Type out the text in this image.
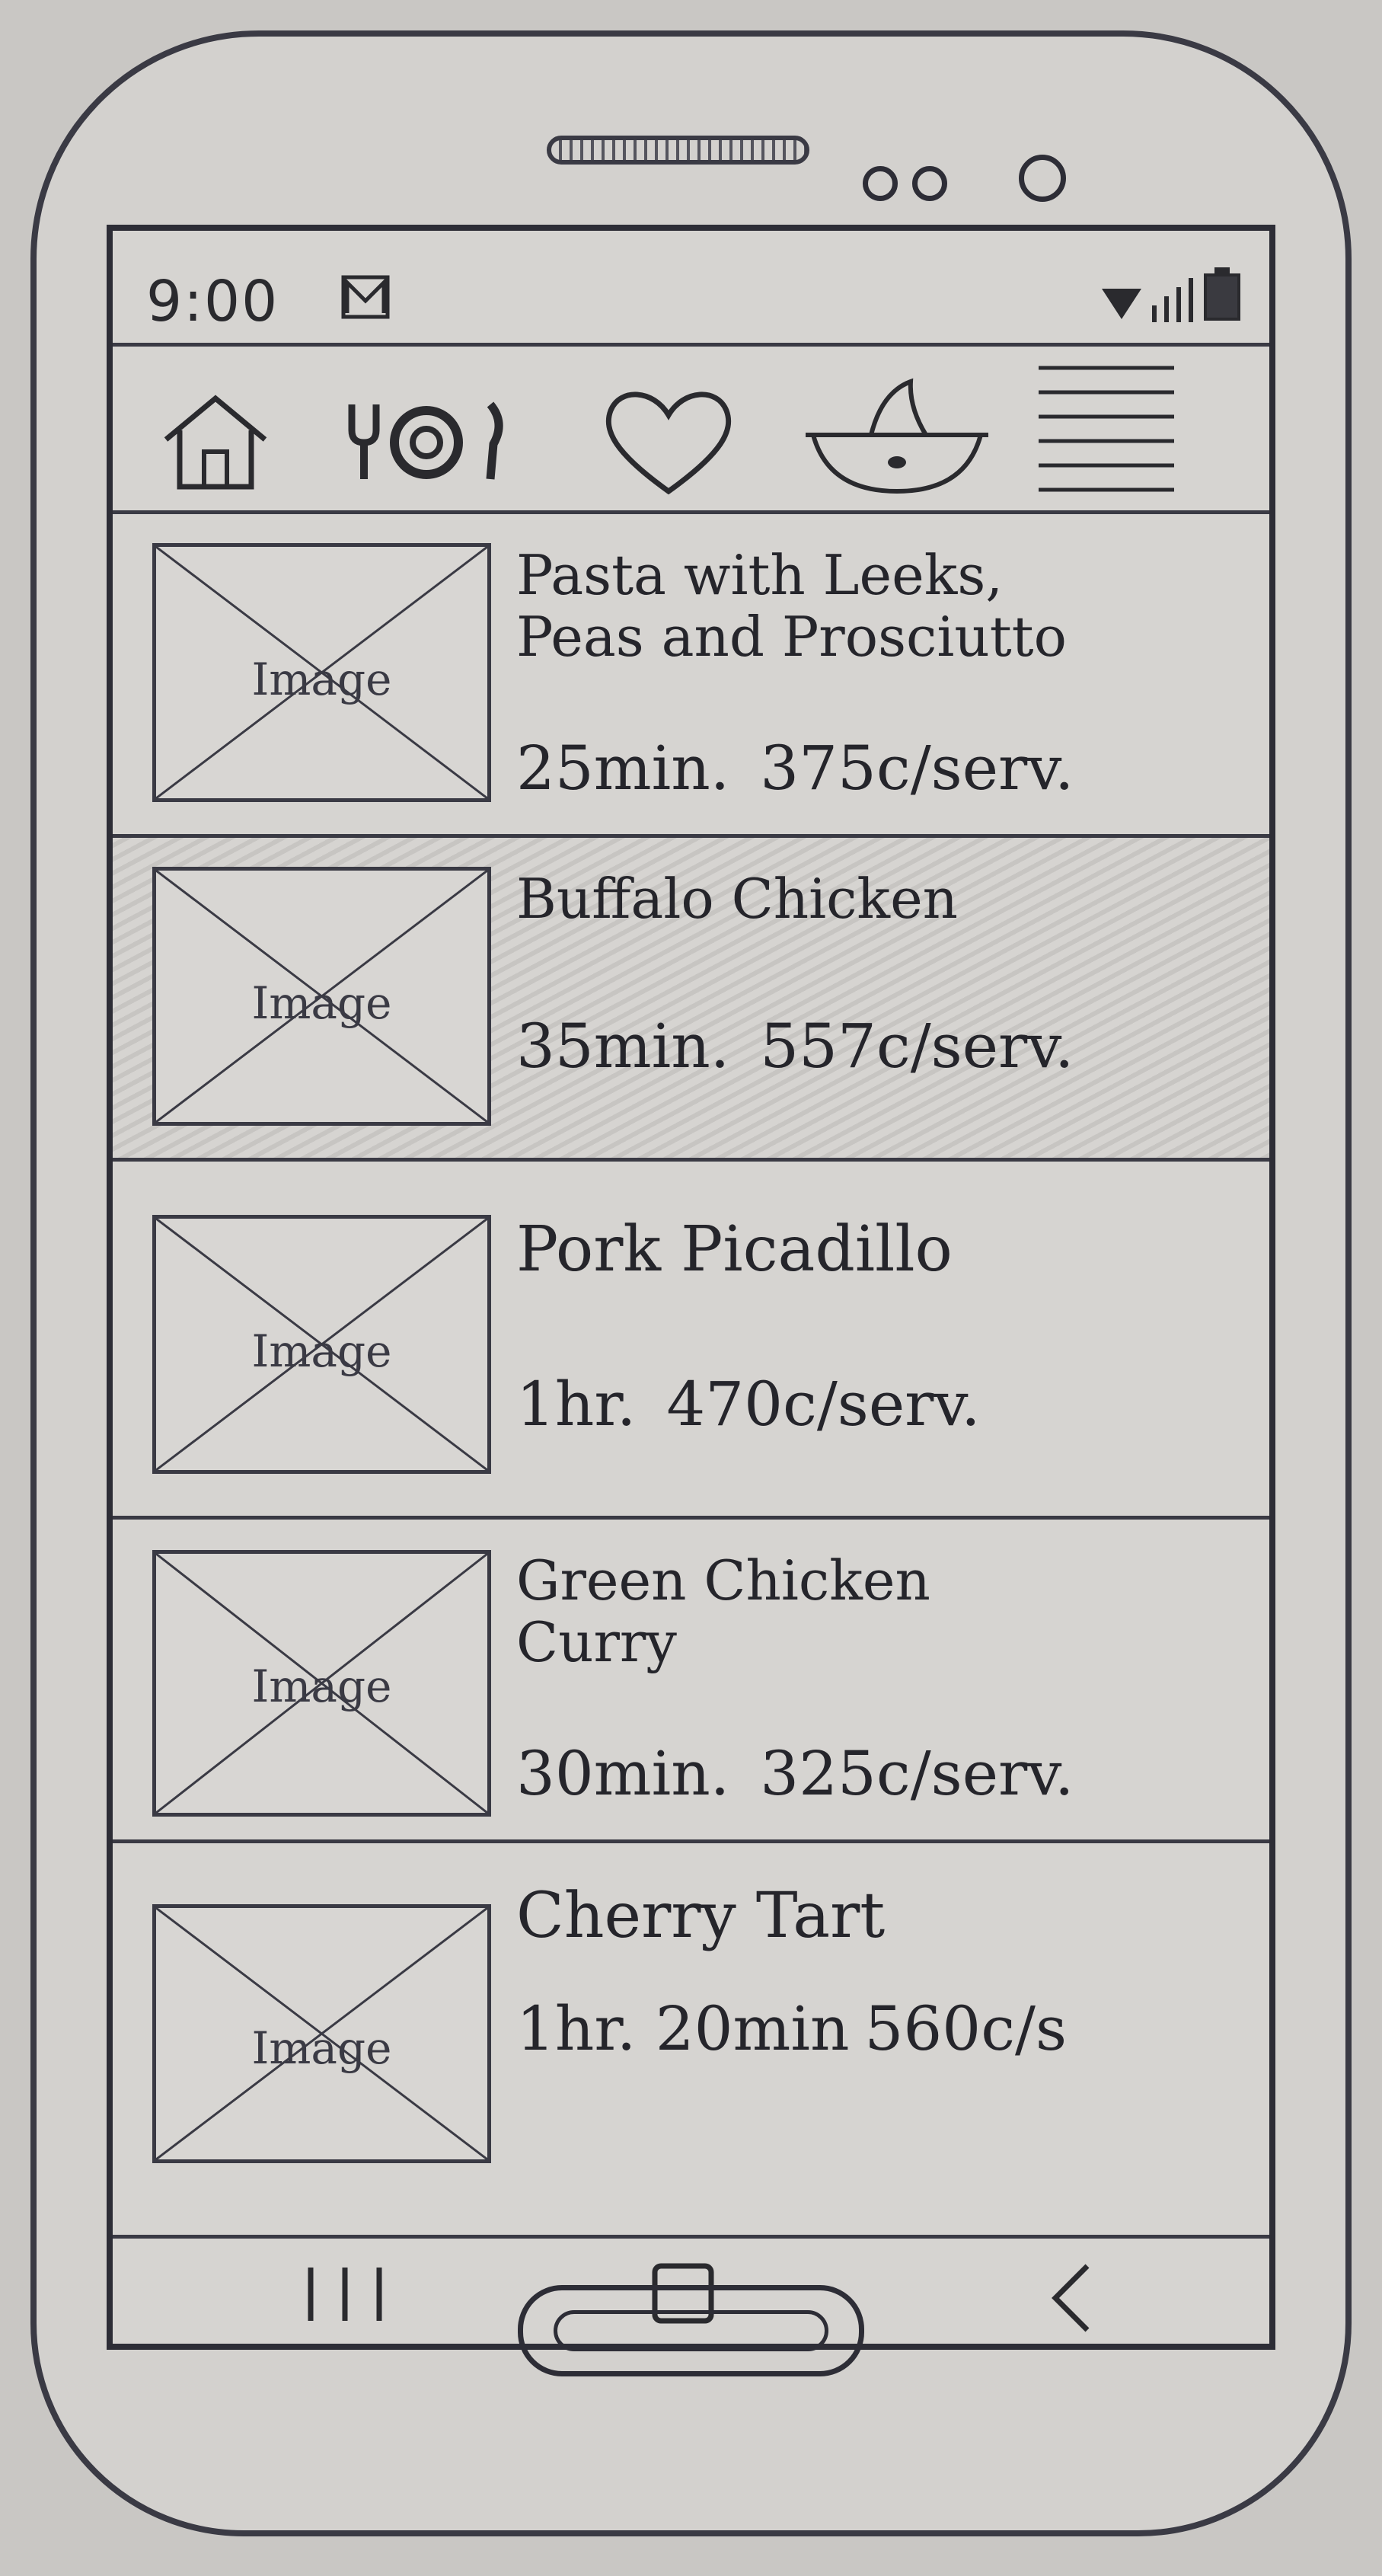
9:00
Image
Pasta with Leeks,
Peas and Prosciutto
25min. 375c/serv.
Image
Buffalo Chicken
35min. 557c/serv.
Image
Pork Picadillo
1hr. 470c/serv.
Image
Green Chicken
Curry
30min. 325c/serv.
Image
Cherry Tart
1hr. 20min 560c/s
